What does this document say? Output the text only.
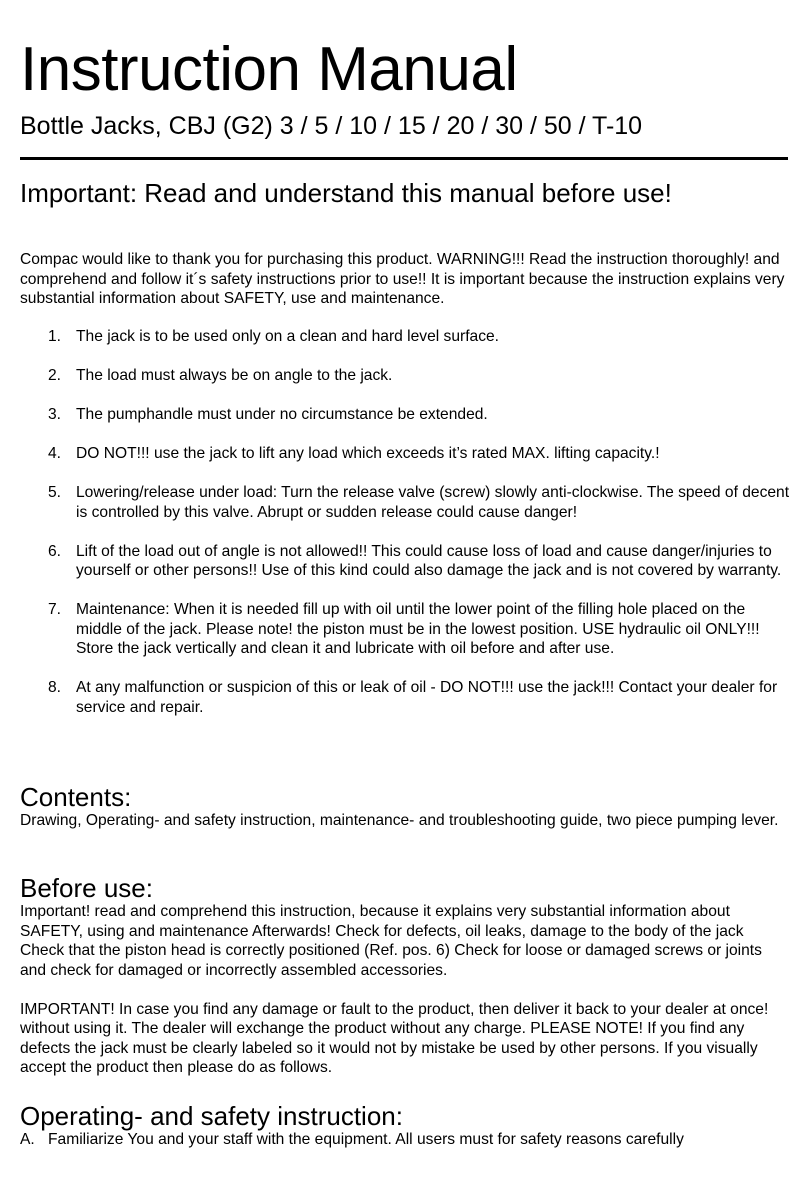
Instruction Manual
Bottle Jacks, CBJ (G2) 3 / 5 / 10 / 15 / 20 / 30 / 50 / T-10
Important: Read and understand this manual before use!

Compac would like to thank you for purchasing this product. WARNING!!! Read the instruction thoroughly! and comprehend and follow it´s safety instructions prior to use!! It is important because the instruction explains very substantial information about SAFETY, use and maintenance.

1. The jack is to be used only on a clean and hard level surface.
2. The load must always be on angle to the jack.
3. The pumphandle must under no circumstance be extended.
4. DO NOT!!! use the jack to lift any load which exceeds it’s rated MAX. lifting capacity.!
5. Lowering/release under load: Turn the release valve (screw) slowly anti-clockwise. The speed of decent is controlled by this valve. Abrupt or sudden release could cause danger!
6. Lift of the load out of angle is not allowed!! This could cause loss of load and cause danger/injuries to yourself or other persons!! Use of this kind could also damage the jack and is not covered by warranty.
7. Maintenance: When it is needed fill up with oil until the lower point of the filling hole placed on the middle of the jack. Please note! the piston must be in the lowest position. USE hydraulic oil ONLY!!! Store the jack vertically and clean it and lubricate with oil before and after use.
8. At any malfunction or suspicion of this or leak of oil - DO NOT!!! use the jack!!! Contact your dealer for service and repair.
Contents:

Drawing, Operating- and safety instruction, maintenance- and troubleshooting guide, two piece pumping lever.

Before use:

Important! read and comprehend this instruction, because it explains very substantial information about SAFETY, using and maintenance Afterwards! Check for defects, oil leaks, damage to the body of the jack Check that the piston head is correctly positioned (Ref. pos. 6) Check for loose or damaged screws or joints and check for damaged or incorrectly assembled accessories.

IMPORTANT! In case you find any damage or fault to the product, then deliver it back to your dealer at once! without using it. The dealer will exchange the product without any charge. PLEASE NOTE! If you find any defects the jack must be clearly labeled so it would not by mistake be used by other persons. If you visually accept the product then please do as follows.

Operating- and safety instruction:

A. Familiarize You and your staff with the equipment. All users must for safety reasons carefully
